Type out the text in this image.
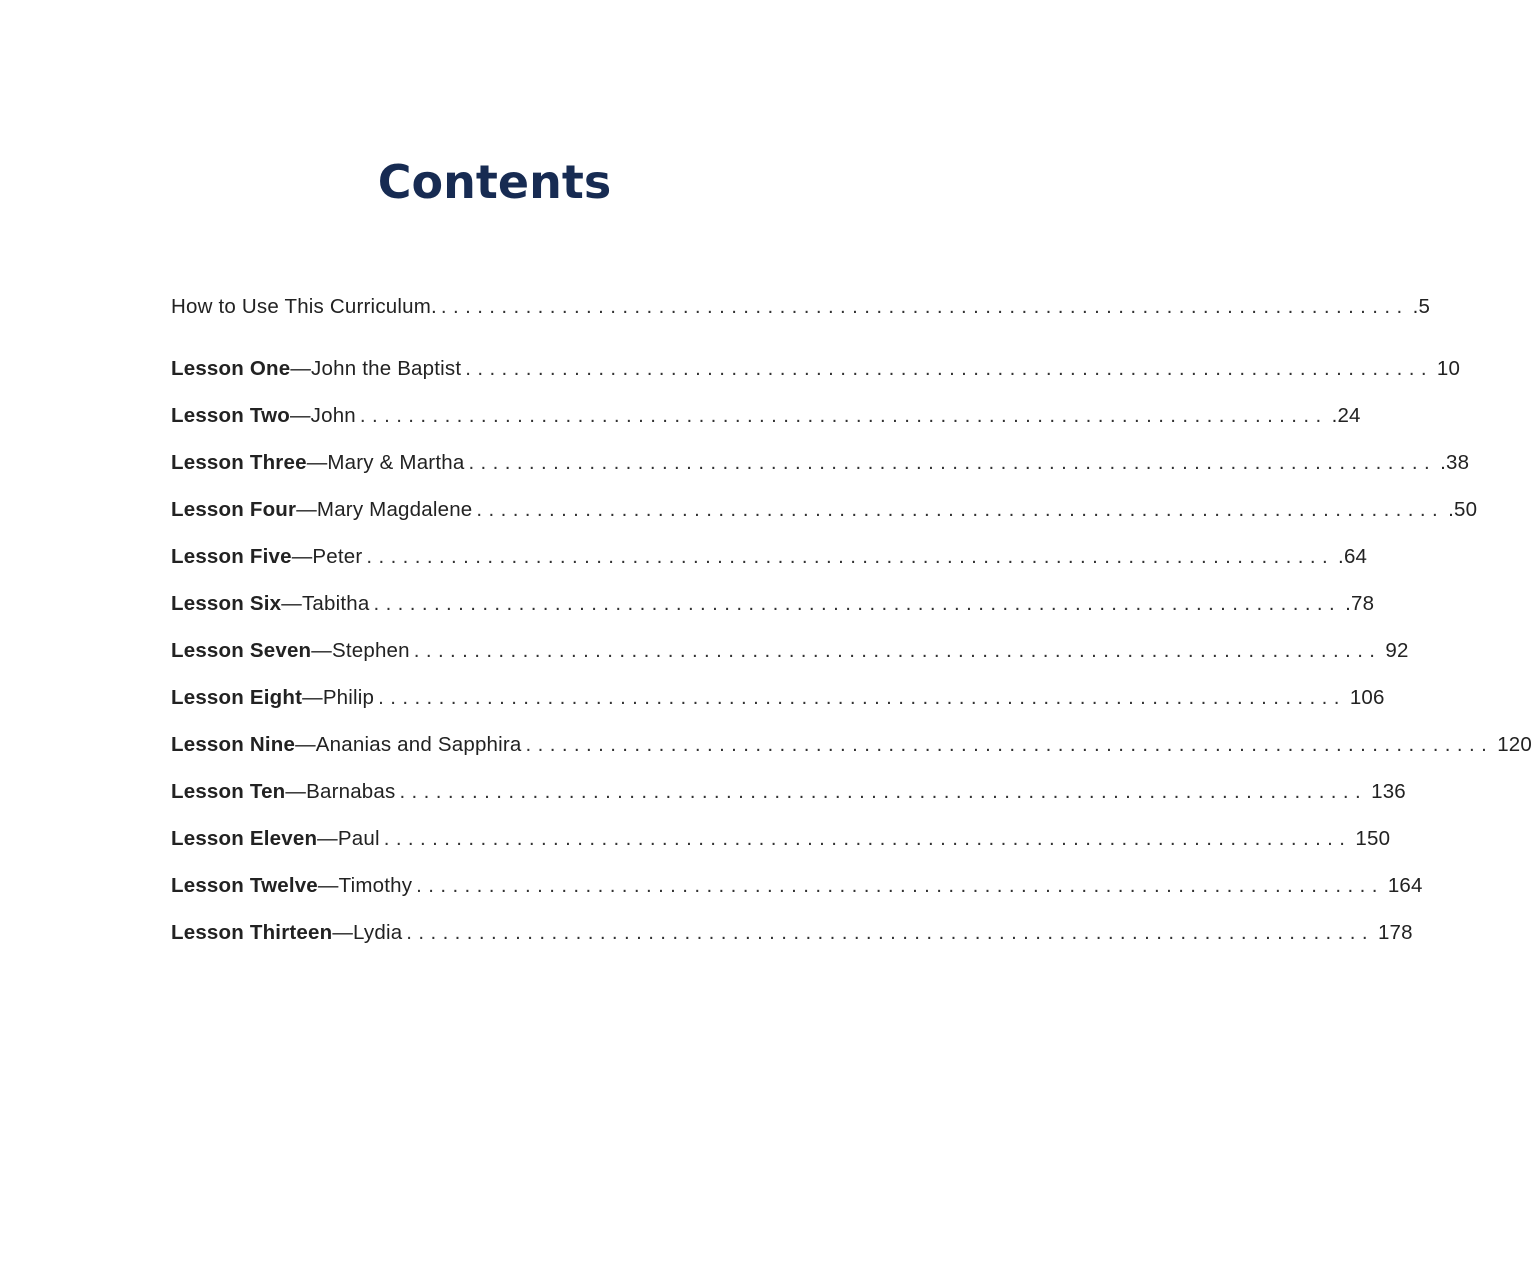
Contents
How to Use This Curriculum. ................................................................................ .5
Lesson One—John the Baptist ................................................................................ 10
Lesson Two—John ................................................................................ .24
Lesson Three—Mary & Martha ................................................................................ .38
Lesson Four—Mary Magdalene ................................................................................ .50
Lesson Five—Peter ................................................................................ .64
Lesson Six—Tabitha ................................................................................ .78
Lesson Seven—Stephen ................................................................................ 92
Lesson Eight—Philip ................................................................................ 106
Lesson Nine—Ananias and Sapphira ................................................................................ 120
Lesson Ten—Barnabas ................................................................................ 136
Lesson Eleven—Paul ................................................................................ 150
Lesson Twelve—Timothy ................................................................................ 164
Lesson Thirteen—Lydia ................................................................................ 178
